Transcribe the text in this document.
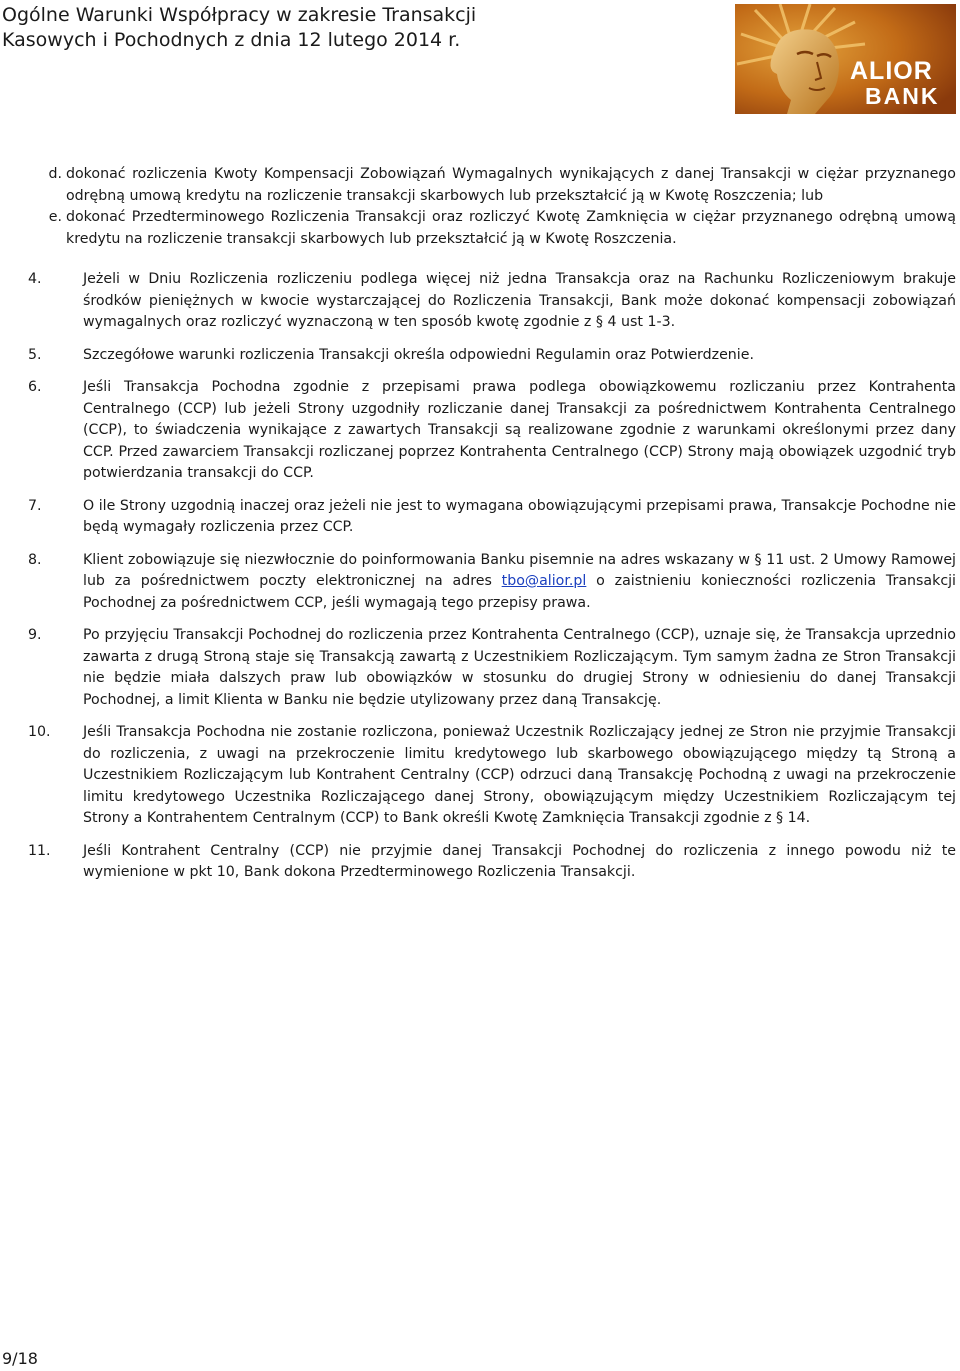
Ogólne Warunki Współpracy w zakresie Transakcji
Kasowych i Pochodnych z dnia 12 lutego 2014 r.
ALIOR
BANK
d. dokonać rozliczenia Kwoty Kompensacji Zobowiązań Wymagalnych wynikających z danej Transakcji w ciężar przyznanego odrębną umową kredytu na rozliczenie transakcji skarbowych lub przekształcić ją w Kwotę Roszczenia; lub
e. dokonać Przedterminowego Rozliczenia Transakcji oraz rozliczyć Kwotę Zamknięcia w ciężar przyznanego odrębną umową kredytu na rozliczenie transakcji skarbowych lub przekształcić ją w Kwotę Roszczenia.
4.	Jeżeli w Dniu Rozliczenia rozliczeniu podlega więcej niż jedna Transakcja oraz na Rachunku Rozliczeniowym brakuje środków pieniężnych w kwocie wystarczającej do Rozliczenia Transakcji, Bank może dokonać kompensacji zobowiązań wymagalnych oraz rozliczyć wyznaczoną w ten sposób kwotę zgodnie z § 4 ust 1-3.
5.	Szczegółowe warunki rozliczenia Transakcji określa odpowiedni Regulamin oraz Potwierdzenie.
6.	Jeśli Transakcja Pochodna zgodnie z przepisami prawa podlega obowiązkowemu rozliczaniu przez Kontrahenta Centralnego (CCP) lub jeżeli Strony uzgodniły rozliczanie danej Transakcji za pośrednictwem Kontrahenta Centralnego (CCP), to świadczenia wynikające z zawartych Transakcji są realizowane zgodnie z warunkami określonymi przez dany CCP. Przed zawarciem Transakcji rozliczanej poprzez Kontrahenta Centralnego (CCP) Strony mają obowiązek uzgodnić tryb potwierdzania transakcji do CCP.
7.	O ile Strony uzgodnią inaczej oraz jeżeli nie jest to wymagana obowiązującymi przepisami prawa, Transakcje Pochodne nie będą wymagały rozliczenia przez CCP.
8.	Klient zobowiązuje się niezwłocznie do poinformowania Banku pisemnie na adres wskazany w § 11 ust. 2 Umowy Ramowej lub za pośrednictwem poczty elektronicznej na adres tbo@alior.pl o zaistnieniu konieczności rozliczenia Transakcji Pochodnej za pośrednictwem CCP, jeśli wymagają tego przepisy prawa.
9.	Po przyjęciu Transakcji Pochodnej do rozliczenia przez Kontrahenta Centralnego (CCP), uznaje się, że Transakcja uprzednio zawarta z drugą Stroną staje się Transakcją zawartą z Uczestnikiem Rozliczającym. Tym samym żadna ze Stron Transakcji nie będzie miała dalszych praw lub obowiązków w stosunku do drugiej Strony w odniesieniu do danej Transakcji Pochodnej, a limit Klienta w Banku nie będzie utylizowany przez daną Transakcję.
10.	Jeśli Transakcja Pochodna nie zostanie rozliczona, ponieważ Uczestnik Rozliczający jednej ze Stron nie przyjmie Transakcji do rozliczenia, z uwagi na przekroczenie limitu kredytowego lub skarbowego obowiązującego między tą Stroną a Uczestnikiem Rozliczającym lub Kontrahent Centralny (CCP) odrzuci daną Transakcję Pochodną z uwagi na przekroczenie limitu kredytowego Uczestnika Rozliczającego danej Strony, obowiązującym między Uczestnikiem Rozliczającym tej Strony a Kontrahentem Centralnym (CCP) to Bank określi Kwotę Zamknięcia Transakcji zgodnie z § 14.
11.	Jeśli Kontrahent Centralny (CCP) nie przyjmie danej Transakcji Pochodnej do rozliczenia z innego powodu niż te wymienione w pkt 10, Bank dokona Przedterminowego Rozliczenia Transakcji.
9/18
